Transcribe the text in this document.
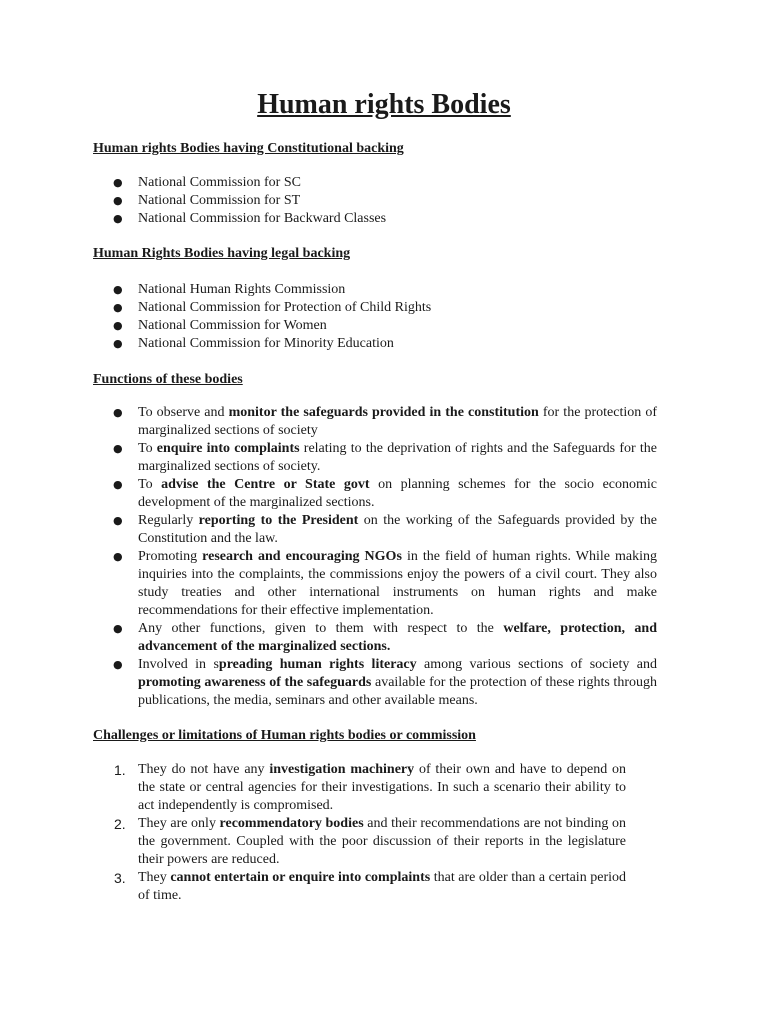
Human rights Bodies
Human rights Bodies having Constitutional backing
● National Commission for SC
● National Commission for ST
● National Commission for Backward Classes
Human Rights Bodies having legal backing
● National Human Rights Commission
● National Commission for Protection of Child Rights
● National Commission for Women
● National Commission for Minority Education
Functions of these bodies
● To observe and monitor the safeguards provided in the constitution for the protection of marginalized sections of society
● To enquire into complaints relating to the deprivation of rights and the Safeguards for the marginalized sections of society.
● To advise the Centre or State govt on planning schemes for the socio economic development of the marginalized sections.
● Regularly reporting to the President on the working of the Safeguards provided by the Constitution and the law.
● Promoting research and encouraging NGOs in the field of human rights. While making inquiries into the complaints, the commissions enjoy the powers of a civil court. They also study treaties and other international instruments on human rights and make recommendations for their effective implementation.
● Any other functions, given to them with respect to the welfare, protection, and advancement of the marginalized sections.
● Involved in spreading human rights literacy among various sections of society and promoting awareness of the safeguards available for the protection of these rights through publications, the media, seminars and other available means.
Challenges or limitations of Human rights bodies or commission
1. They do not have any investigation machinery of their own and have to depend on the state or central agencies for their investigations. In such a scenario their ability to act independently is compromised.
2. They are only recommendatory bodies and their recommendations are not binding on the government. Coupled with the poor discussion of their reports in the legislature their powers are reduced.
3. They cannot entertain or enquire into complaints that are older than a certain period of time.
